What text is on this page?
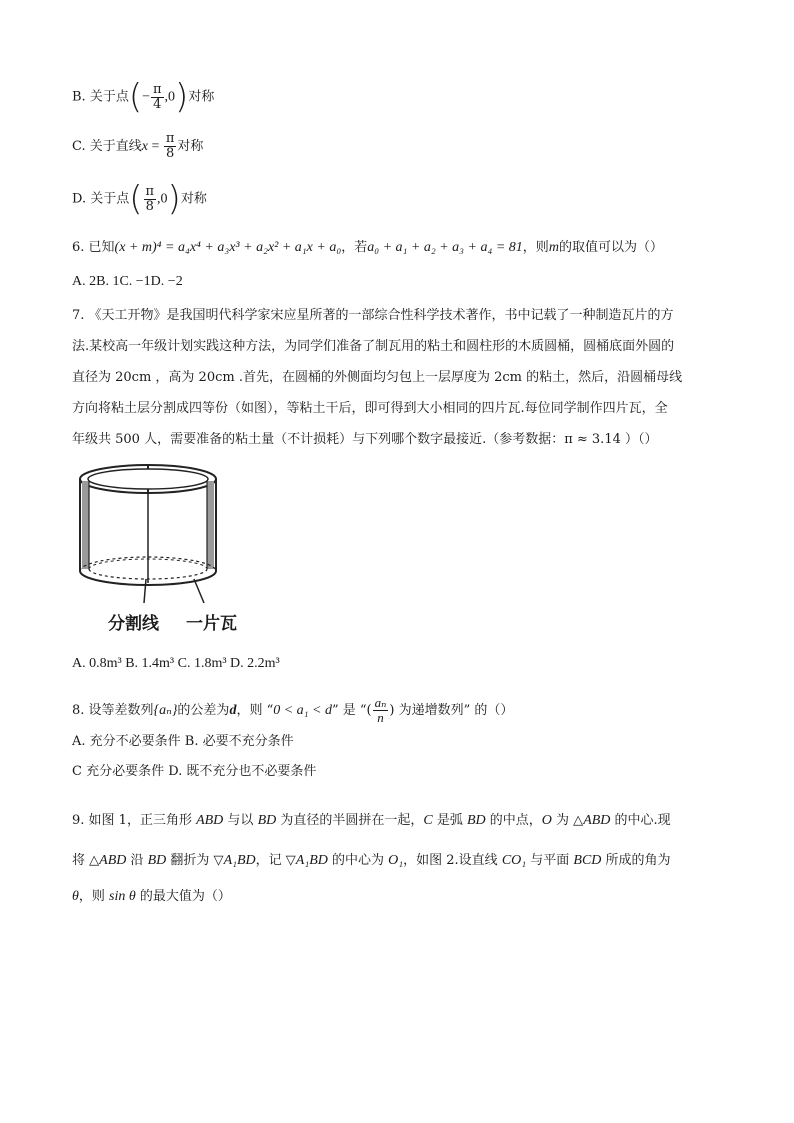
B. 关于点(− $\frac{\pi}{4} ,0$)对称
C. 关于直线$x = \frac{\pi}{8}$ 对称
D. 关于点( $\frac{\pi}{8} ,0$)对称
6. 已知(x + m)⁴ = a₄x⁴ + a₃x³ + a₂x² + a₁x + a₀，若a₀ + a₁ + a₂ + a₃ + a₄ = 81，则m的取值可以为（）
A. 2B. 1C. −1D. −2
7. 《天工开物》是我国明代科学家宋应星所著的一部综合性科学技术著作，书中记载了一种制造瓦片的方
法.某校高一年级计划实践这种方法，为同学们准备了制瓦用的粘土和圆柱形的木质圆桶，圆桶底面外圆的
直径为 20cm ，高为 20cm .首先，在圆桶的外侧面均匀包上一层厚度为 2cm 的粘土，然后，沿圆桶母线
方向将粘土层分割成四等份（如图），等粘土干后，即可得到大小相同的四片瓦.每位同学制作四片瓦，全
年级共 500 人，需要准备的粘土量（不计损耗）与下列哪个数字最接近.（参考数据：π ≈ 3.14 ）（）
分割线 一片瓦
A. 0.8m³ B. 1.4m³ C. 1.8m³ D. 2.2m³
8. 设等差数列{aₙ}的公差为d，则 “0 < a₁ < d” 是 “( $\frac{\text{aₙ}}{n}$ ) 为递增数列” 的（）
A. 充分不必要条件 B. 必要不充分条件
C 充分必要条件 D. 既不充分也不必要条件
9. 如图 1，正三角形 ABD 与以 BD 为直径的半圆拼在一起，C 是弧 BD 的中点，O 为 △ABD 的中心.现
将 △ABD 沿 BD 翻折为 ▽A₁BD，记 ▽A₁BD 的中心为 O₁，如图 2.设直线 CO₁ 与平面 BCD 所成的角为
θ，则 sin θ 的最大值为（）
